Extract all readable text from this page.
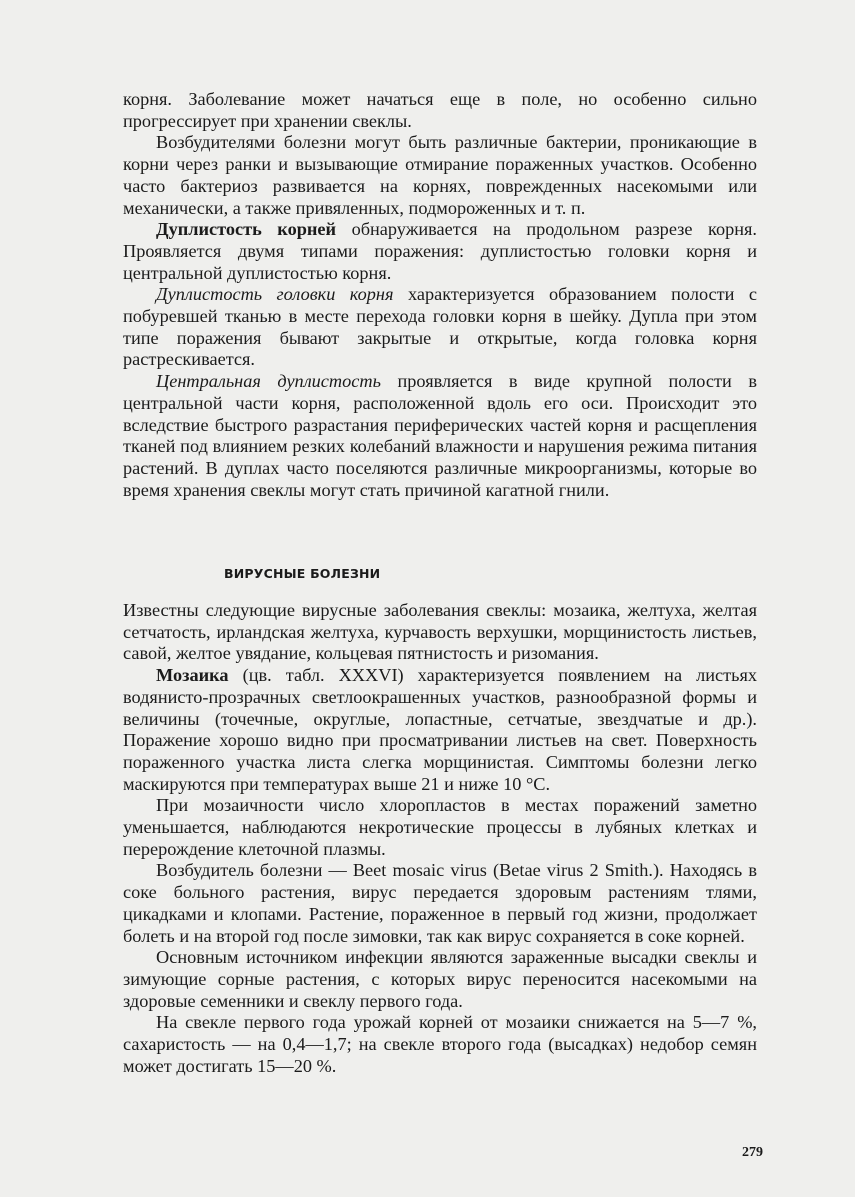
корня. Заболевание может начаться еще в поле, но особенно сильно прогрессирует при хранении свеклы.

Возбудителями болезни могут быть различные бактерии, проникающие в корни через ранки и вызывающие отмирание пораженных участков. Особенно часто бактериоз развивается на корнях, поврежденных насекомыми или механически, а также привяленных, подмороженных и т. п.

Дуплистость корней обнаруживается на продольном разрезе корня. Проявляется двумя типами поражения: дуплистостью головки корня и центральной дуплистостью корня.

Дуплистость головки корня характеризуется образованием полости с побуревшей тканью в месте перехода головки корня в шейку. Дупла при этом типе поражения бывают закрытые и открытые, когда головка корня растрескивается.

Центральная дуплистость проявляется в виде крупной полости в центральной части корня, расположенной вдоль его оси. Происходит это вследствие быстрого разрастания периферических частей корня и расщепления тканей под влиянием резких колебаний влажности и нарушения режима питания растений. В дуплах часто поселяются различные микроорганизмы, которые во время хранения свеклы могут стать причиной кагатной гнили.

ВИРУСНЫЕ БОЛЕЗНИ

Известны следующие вирусные заболевания свеклы: мозаика, желтуха, желтая сетчатость, ирландская желтуха, курчавость верхушки, морщинистость листьев, савой, желтое увядание, кольцевая пятнистость и ризомания.

Мозаика (цв. табл. XXXVI) характеризуется появлением на листьях водянисто-прозрачных светлоокрашенных участков, разнообразной формы и величины (точечные, округлые, лопастные, сетчатые, звездчатые и др.). Поражение хорошо видно при просматривании листьев на свет. Поверхность пораженного участка листа слегка морщинистая. Симптомы болезни легко маскируются при температурах выше 21 и ниже 10 °С.

При мозаичности число хлоропластов в местах поражений заметно уменьшается, наблюдаются некротические процессы в лубяных клетках и перерождение клеточной плазмы.

Возбудитель болезни — Beet mosaic virus (Betae virus 2 Smith.). Находясь в соке больного растения, вирус передается здоровым растениям тлями, цикадками и клопами. Растение, пораженное в первый год жизни, продолжает болеть и на второй год после зимовки, так как вирус сохраняется в соке корней.

Основным источником инфекции являются зараженные высадки свеклы и зимующие сорные растения, с которых вирус переносится насекомыми на здоровые семенники и свеклу первого года.

На свекле первого года урожай корней от мозаики снижается на 5—7 %, сахаристость — на 0,4—1,7; на свекле второго года (высадках) недобор семян может достигать 15—20 %.

279
